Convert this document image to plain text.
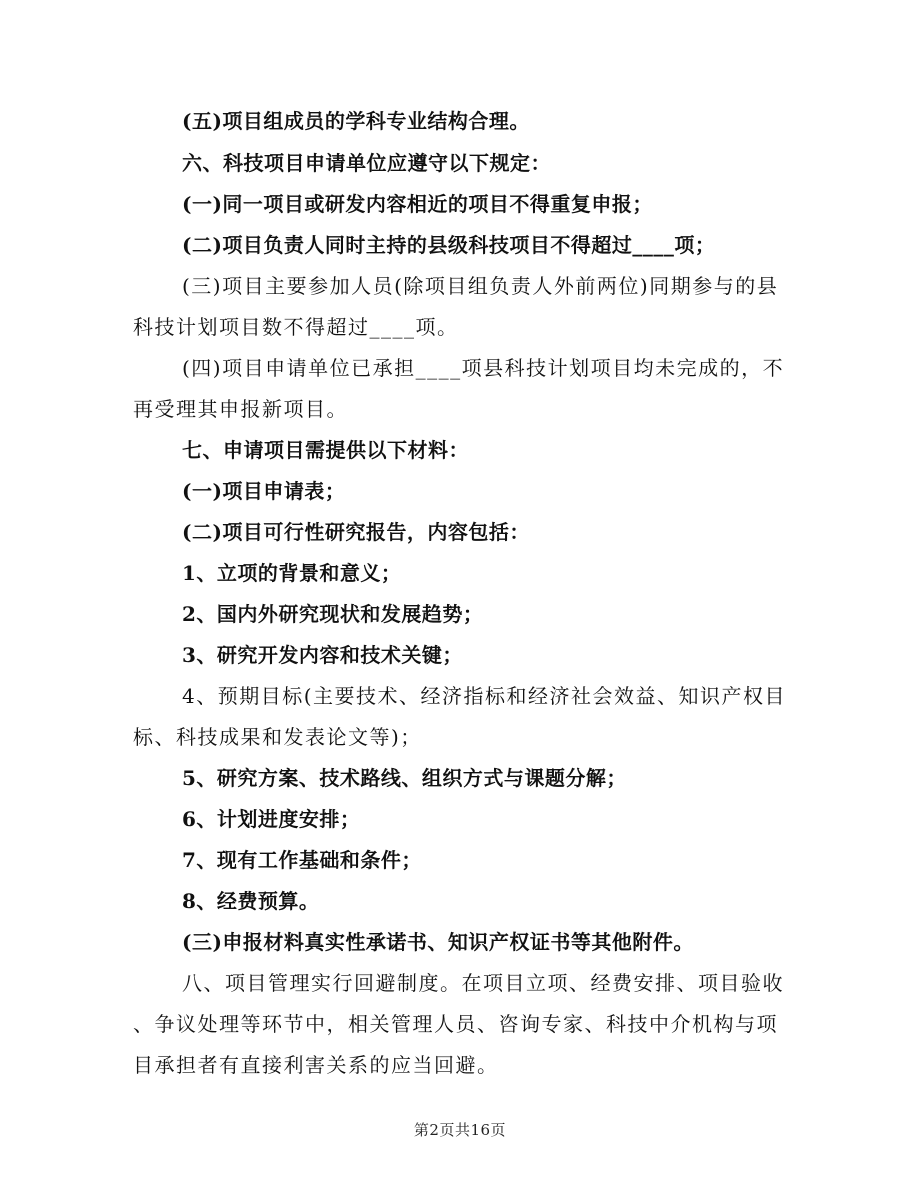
(五)项目组成员的学科专业结构合理。
六、科技项目申请单位应遵守以下规定：
(一)同一项目或研发内容相近的项目不得重复申报；
(二)项目负责人同时主持的县级科技项目不得超过____项；
(三)项目主要参加人员(除项目组负责人外前两位)同期参与的县
科技计划项目数不得超过____项。
(四)项目申请单位已承担____项县科技计划项目均未完成的，不
再受理其申报新项目。
七、申请项目需提供以下材料：
(一)项目申请表；
(二)项目可行性研究报告，内容包括：
1、立项的背景和意义；
2、国内外研究现状和发展趋势；
3、研究开发内容和技术关键；
4、预期目标(主要技术、经济指标和经济社会效益、知识产权目
标、科技成果和发表论文等)；
5、研究方案、技术路线、组织方式与课题分解；
6、计划进度安排；
7、现有工作基础和条件；
8、经费预算。
(三)申报材料真实性承诺书、知识产权证书等其他附件。
八、项目管理实行回避制度。在项目立项、经费安排、项目验收
、争议处理等环节中，相关管理人员、咨询专家、科技中介机构与项
目承担者有直接利害关系的应当回避。
第2页共16页
